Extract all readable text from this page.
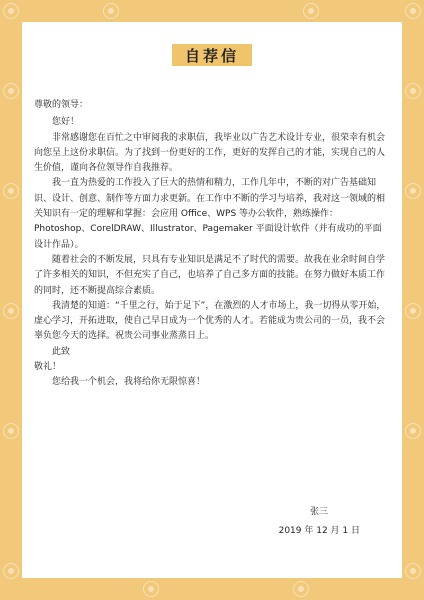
自荐信

尊敬的领导：

您好！

非常感谢您在百忙之中审阅我的求职信，我毕业以广告艺术设计专业，很荣幸有机会向您呈上这份求职信。为了找到一份更好的工作，更好的发挥自己的才能，实现自己的人生价值，谨向各位领导作自我推荐。

我一直为热爱的工作投入了巨大的热情和精力，工作几年中，不断的对广告基础知识、设计、创意、制作等方面力求更新。在工作中不断的学习与培养，我对这一领域的相关知识有一定的理解和掌握：会应用 Office、WPS 等办公软件，熟练操作：Photoshop、CorelDRAW、Illustrator、Pagemaker 平面设计软件（并有成功的平面设计作品）。

随着社会的不断发展，只具有专业知识是满足不了时代的需要。故我在业余时间自学了许多相关的知识，不但充实了自己，也培养了自己多方面的技能。在努力做好本质工作的同时，还不断提高综合素质。

我清楚的知道：“千里之行，始于足下”，在激烈的人才市场上，我一切得从零开始，虚心学习，开拓进取，使自己早日成为一个优秀的人才。若能成为贵公司的一员，我不会辜负您今天的选择。祝贵公司事业蒸蒸日上。

此致

敬礼！

您给我一个机会，我将给你无限惊喜！

张三
2019 年 12 月 1 日
